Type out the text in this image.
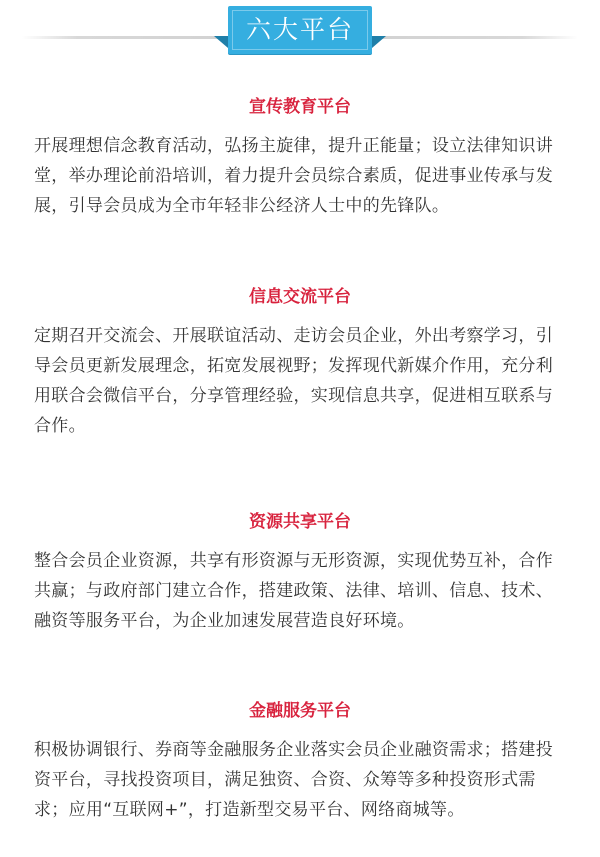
六大平台
宣传教育平台

开展理想信念教育活动，弘扬主旋律，提升正能量；设立法律知识讲堂，举办理论前沿培训，着力提升会员综合素质，促进事业传承与发展，引导会员成为全市年轻非公经济人士中的先锋队。

信息交流平台

定期召开交流会、开展联谊活动、走访会员企业，外出考察学习，引导会员更新发展理念，拓宽发展视野；发挥现代新媒介作用，充分利用联合会微信平台，分享管理经验，实现信息共享，促进相互联系与合作。

资源共享平台

整合会员企业资源，共享有形资源与无形资源，实现优势互补，合作共赢；与政府部门建立合作，搭建政策、法律、培训、信息、技术、融资等服务平台，为企业加速发展营造良好环境。

金融服务平台

积极协调银行、券商等金融服务企业落实会员企业融资需求；搭建投资平台，寻找投资项目，满足独资、合资、众筹等多种投资形式需求；应用“互联网+”，打造新型交易平台、网络商城等。
